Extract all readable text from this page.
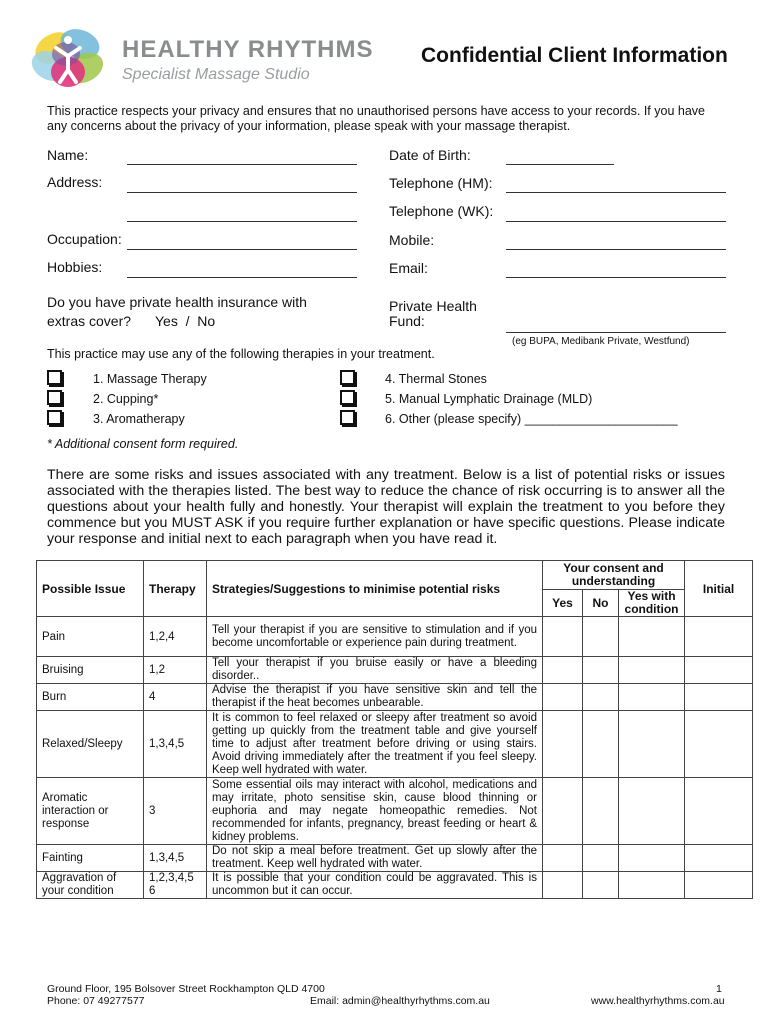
HEALTHY RHYTHMS
Specialist Massage Studio
Confidential Client Information
This practice respects your privacy and ensures that no unauthorised persons have access to your records. If you have any concerns about the privacy of your information, please speak with your massage therapist.
Name:	Date of Birth:
Address:	Telephone (HM):
Telephone (WK):
Occupation:	Mobile:
Hobbies:	Email:
Do you have private health insurance with
extras cover? Yes  /  No
Private Health
Fund:
(eg BUPA, Medibank Private, Westfund)
This practice may use any of the following therapies in your treatment.
1. Massage Therapy
2. Cupping*
3. Aromatherapy
4. Thermal Stones
5. Manual Lymphatic Drainage (MLD)
6. Other (please specify) ______________________
* Additional consent form required.
There are some risks and issues associated with any treatment. Below is a list of potential risks or issues associated with the therapies listed. The best way to reduce the chance of risk occurring is to answer all the questions about your health fully and honestly. Your therapist will explain the treatment to you before they commence but you MUST ASK if you require further explanation or have specific questions. Please indicate your response and initial next to each paragraph when you have read it.
Possible Issue	Therapy	Strategies/Suggestions to minimise potential risks	Your consent and understanding			Initial
			Yes	No	Yes with condition	
Pain	1,2,4	Tell your therapist if you are sensitive to stimulation and if you become uncomfortable or experience pain during treatment.				
Bruising	1,2	Tell your therapist if you bruise easily or have a bleeding disorder..				
Burn	4	Advise the therapist if you have sensitive skin and tell the therapist if the heat becomes unbearable.				
Relaxed/Sleepy	1,3,4,5	It is common to feel relaxed or sleepy after treatment so avoid getting up quickly from the treatment table and give yourself time to adjust after treatment before driving or using stairs. Avoid driving immediately after the treatment if you feel sleepy. Keep well hydrated with water.				
Aromatic interaction or response	3	Some essential oils may interact with alcohol, medications and may irritate, photo sensitise skin, cause blood thinning or euphoria and may negate homeopathic remedies. Not recommended for infants, pregnancy, breast feeding or heart & kidney problems.				
Fainting	1,3,4,5	Do not skip a meal before treatment. Get up slowly after the treatment. Keep well hydrated with water.				
Aggravation of your condition	1,2,3,4,5 6	It is possible that your condition could be aggravated. This is uncommon but it can occur.				
Ground Floor, 195 Bolsover Street Rockhampton QLD 4700
Phone: 07 49277577	Email: admin@healthyrhythms.com.au
1
www.healthyrhythms.com.au
